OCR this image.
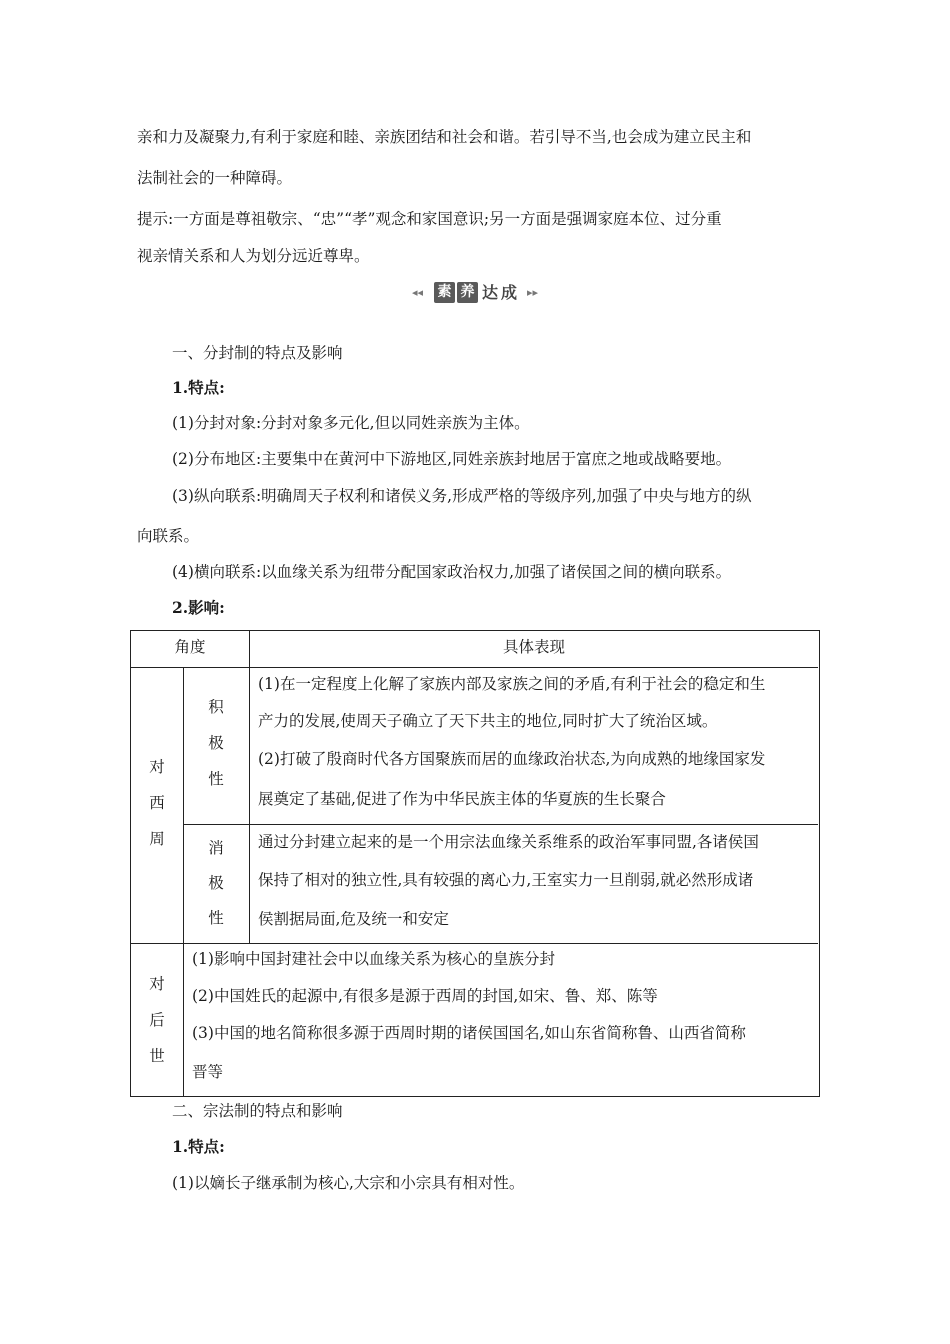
亲和力及凝聚力,有利于家庭和睦、亲族团结和社会和谐。若引导不当,也会成为建立民主和
法制社会的一种障碍。
提示:一方面是尊祖敬宗、“忠”“孝”观念和家国意识;另一方面是强调家庭本位、过分重
视亲情关系和人为划分远近尊卑。
◂◂ 素 养 达 成 ▸▸
一、分封制的特点及影响
1.特点:
(1)分封对象:分封对象多元化,但以同姓亲族为主体。
(2)分布地区:主要集中在黄河中下游地区,同姓亲族封地居于富庶之地或战略要地。
(3)纵向联系:明确周天子权利和诸侯义务,形成严格的等级序列,加强了中央与地方的纵
向联系。
(4)横向联系:以血缘关系为纽带分配国家政治权力,加强了诸侯国之间的横向联系。
2.影响:
角度	具体表现
对
西
周
积
极
性
(1)在一定程度上化解了家族内部及家族之间的矛盾,有利于社会的稳定和生
产力的发展,使周天子确立了天下共主的地位,同时扩大了统治区域。
(2)打破了殷商时代各方国聚族而居的血缘政治状态,为向成熟的地缘国家发
展奠定了基础,促进了作为中华民族主体的华夏族的生长聚合
消
极
性
通过分封建立起来的是一个用宗法血缘关系维系的政治军事同盟,各诸侯国
保持了相对的独立性,具有较强的离心力,王室实力一旦削弱,就必然形成诸
侯割据局面,危及统一和安定
对
后
世
(1)影响中国封建社会中以血缘关系为核心的皇族分封
(2)中国姓氏的起源中,有很多是源于西周的封国,如宋、鲁、郑、陈等
(3)中国的地名简称很多源于西周时期的诸侯国国名,如山东省简称鲁、山西省简称
晋等
二、宗法制的特点和影响
1.特点:
(1)以嫡长子继承制为核心,大宗和小宗具有相对性。
